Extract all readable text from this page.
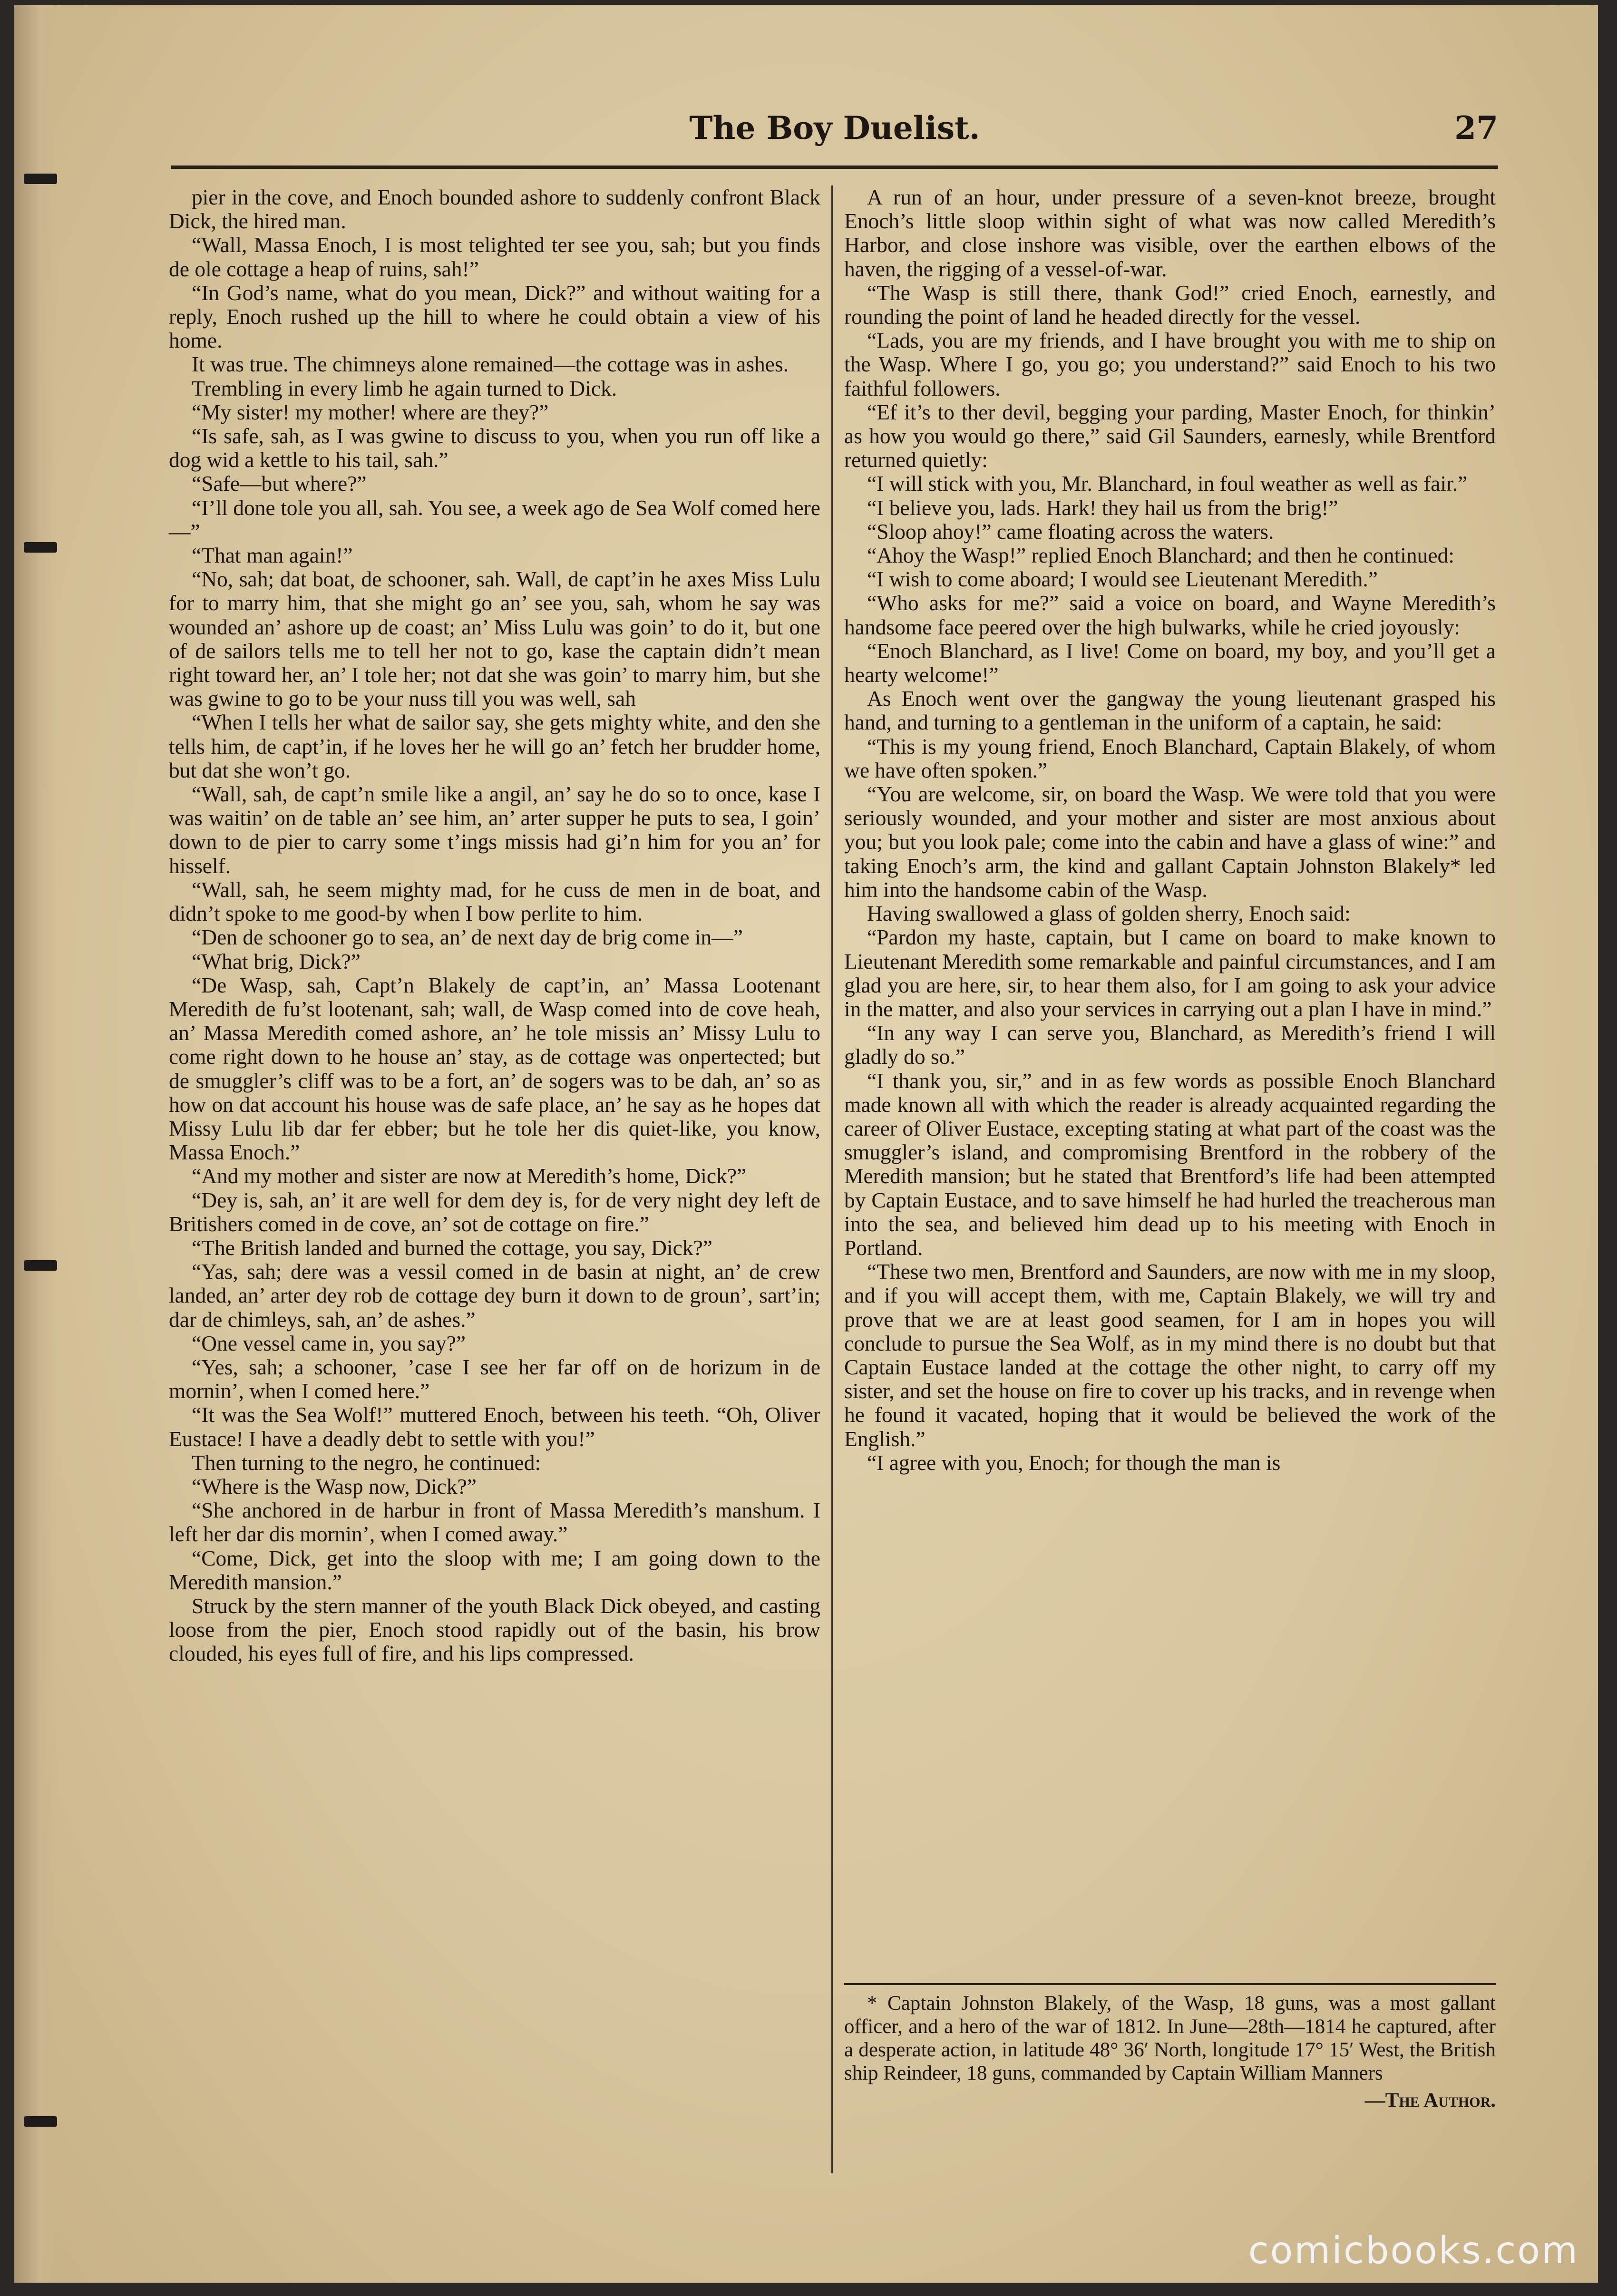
The Boy Duelist.	27

pier in the cove, and Enoch bounded ashore to suddenly confront Black Dick, the hired man.

“Wall, Massa Enoch, I is most telighted ter see you, sah; but you finds de ole cottage a heap of ruins, sah!”

“In God’s name, what do you mean, Dick?” and without waiting for a reply, Enoch rushed up the hill to where he could obtain a view of his home.

It was true. The chimneys alone remained—the cottage was in ashes.

Trembling in every limb he again turned to Dick.

“My sister! my mother! where are they?”

“Is safe, sah, as I was gwine to discuss to you, when you run off like a dog wid a kettle to his tail, sah.”

“Safe—but where?”

“I’ll done tole you all, sah. You see, a week ago de Sea Wolf comed here—”

“That man again!”

“No, sah; dat boat, de schooner, sah. Wall, de capt’in he axes Miss Lulu for to marry him, that she might go an’ see you, sah, whom he say was wounded an’ ashore up de coast; an’ Miss Lulu was goin’ to do it, but one of de sailors tells me to tell her not to go, kase the captain didn’t mean right toward her, an’ I tole her; not dat she was goin’ to marry him, but she was gwine to go to be your nuss till you was well, sah

“When I tells her what de sailor say, she gets mighty white, and den she tells him, de capt’in, if he loves her he will go an’ fetch her brudder home, but dat she won’t go.

“Wall, sah, de capt’n smile like a angil, an’ say he do so to once, kase I was waitin’ on de table an’ see him, an’ arter supper he puts to sea, I goin’ down to de pier to carry some t’ings missis had gi’n him for you an’ for hisself.

“Wall, sah, he seem mighty mad, for he cuss de men in de boat, and didn’t spoke to me good-by when I bow perlite to him.

“Den de schooner go to sea, an’ de next day de brig come in—”

“What brig, Dick?”

“De Wasp, sah, Capt’n Blakely de capt’in, an’ Massa Lootenant Meredith de fu’st lootenant, sah; wall, de Wasp comed into de cove heah, an’ Massa Meredith comed ashore, an’ he tole missis an’ Missy Lulu to come right down to he house an’ stay, as de cottage was onpertected; but de smuggler’s cliff was to be a fort, an’ de sogers was to be dah, an’ so as how on dat account his house was de safe place, an’ he say as he hopes dat Missy Lulu lib dar fer ebber; but he tole her dis quiet-like, you know, Massa Enoch.”

“And my mother and sister are now at Meredith’s home, Dick?”

“Dey is, sah, an’ it are well for dem dey is, for de very night dey left de Britishers comed in de cove, an’ sot de cottage on fire.”

“The British landed and burned the cottage, you say, Dick?”

“Yas, sah; dere was a vessil comed in de basin at night, an’ de crew landed, an’ arter dey rob de cottage dey burn it down to de groun’, sart’in; dar de chimleys, sah, an’ de ashes.”

“One vessel came in, you say?”

“Yes, sah; a schooner, ’case I see her far off on de horizum in de mornin’, when I comed here.”

“It was the Sea Wolf!” muttered Enoch, between his teeth. “Oh, Oliver Eustace! I have a deadly debt to settle with you!”

Then turning to the negro, he continued:

“Where is the Wasp now, Dick?”

“She anchored in de harbur in front of Massa Meredith’s manshum. I left her dar dis mornin’, when I comed away.”

“Come, Dick, get into the sloop with me; I am going down to the Meredith mansion.”

Struck by the stern manner of the youth Black Dick obeyed, and casting loose from the pier, Enoch stood rapidly out of the basin, his brow clouded, his eyes full of fire, and his lips compressed.

A run of an hour, under pressure of a seven-knot breeze, brought Enoch’s little sloop within sight of what was now called Meredith’s Harbor, and close inshore was visible, over the earthen elbows of the haven, the rigging of a vessel-of-war.

“The Wasp is still there, thank God!” cried Enoch, earnestly, and rounding the point of land he headed directly for the vessel.

“Lads, you are my friends, and I have brought you with me to ship on the Wasp. Where I go, you go; you understand?” said Enoch to his two faithful followers.

“Ef it’s to ther devil, begging your parding, Master Enoch, for thinkin’ as how you would go there,” said Gil Saunders, earnesly, while Brentford returned quietly:

“I will stick with you, Mr. Blanchard, in foul weather as well as fair.”

“I believe you, lads. Hark! they hail us from the brig!”

“Sloop ahoy!” came floating across the waters.

“Ahoy the Wasp!” replied Enoch Blanchard; and then he continued:

“I wish to come aboard; I would see Lieutenant Meredith.”

“Who asks for me?” said a voice on board, and Wayne Meredith’s handsome face peered over the high bulwarks, while he cried joyously:

“Enoch Blanchard, as I live! Come on board, my boy, and you’ll get a hearty welcome!”

As Enoch went over the gangway the young lieutenant grasped his hand, and turning to a gentleman in the uniform of a captain, he said:

“This is my young friend, Enoch Blanchard, Captain Blakely, of whom we have often spoken.”

“You are welcome, sir, on board the Wasp. We were told that you were seriously wounded, and your mother and sister are most anxious about you; but you look pale; come into the cabin and have a glass of wine:” and taking Enoch’s arm, the kind and gallant Captain Johnston Blakely* led him into the handsome cabin of the Wasp.

Having swallowed a glass of golden sherry, Enoch said:

“Pardon my haste, captain, but I came on board to make known to Lieutenant Meredith some remarkable and painful circumstances, and I am glad you are here, sir, to hear them also, for I am going to ask your advice in the matter, and also your services in carrying out a plan I have in mind.”

“In any way I can serve you, Blanchard, as Meredith’s friend I will gladly do so.”

“I thank you, sir,” and in as few words as possible Enoch Blanchard made known all with which the reader is already acquainted regarding the career of Oliver Eustace, excepting stating at what part of the coast was the smuggler’s island, and compromising Brentford in the robbery of the Meredith mansion; but he stated that Brentford’s life had been attempted by Captain Eustace, and to save himself he had hurled the treacherous man into the sea, and believed him dead up to his meeting with Enoch in Portland.

“These two men, Brentford and Saunders, are now with me in my sloop, and if you will accept them, with me, Captain Blakely, we will try and prove that we are at least good seamen, for I am in hopes you will conclude to pursue the Sea Wolf, as in my mind there is no doubt but that Captain Eustace landed at the cottage the other night, to carry off my sister, and set the house on fire to cover up his tracks, and in revenge when he found it vacated, hoping that it would be believed the work of the English.”

“I agree with you, Enoch; for though the man is

* Captain Johnston Blakely, of the Wasp, 18 guns, was a most gallant officer, and a hero of the war of 1812. In June—28th—1814 he captured, after a desperate action, in latitude 48° 36′ North, longitude 17° 15′ West, the British ship Reindeer, 18 guns, commanded by Captain William Manners

—The Author.
comicbooks.com
